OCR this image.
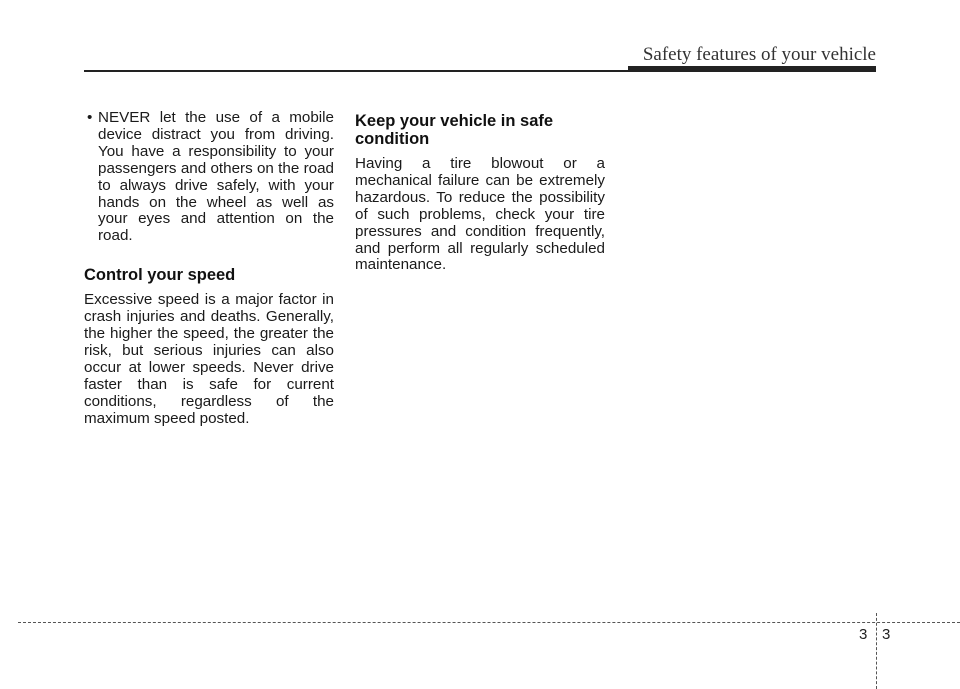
Safety features of your vehicle

• NEVER let the use of a mobile device distract you from driving. You have a responsibility to your passengers and others on the road to always drive safely, with your hands on the wheel as well as your eyes and attention on the road.

Control your speed

Excessive speed is a major factor in crash injuries and deaths. Generally, the higher the speed, the greater the risk, but serious injuries can also occur at lower speeds. Never drive faster than is safe for current conditions, regardless of the maximum speed posted.

Keep your vehicle in safe condition

Having a tire blowout or a mechanical failure can be extremely hazardous. To reduce the possibility of such problems, check your tire pressures and condition frequently, and perform all regularly scheduled maintenance.

3 3
